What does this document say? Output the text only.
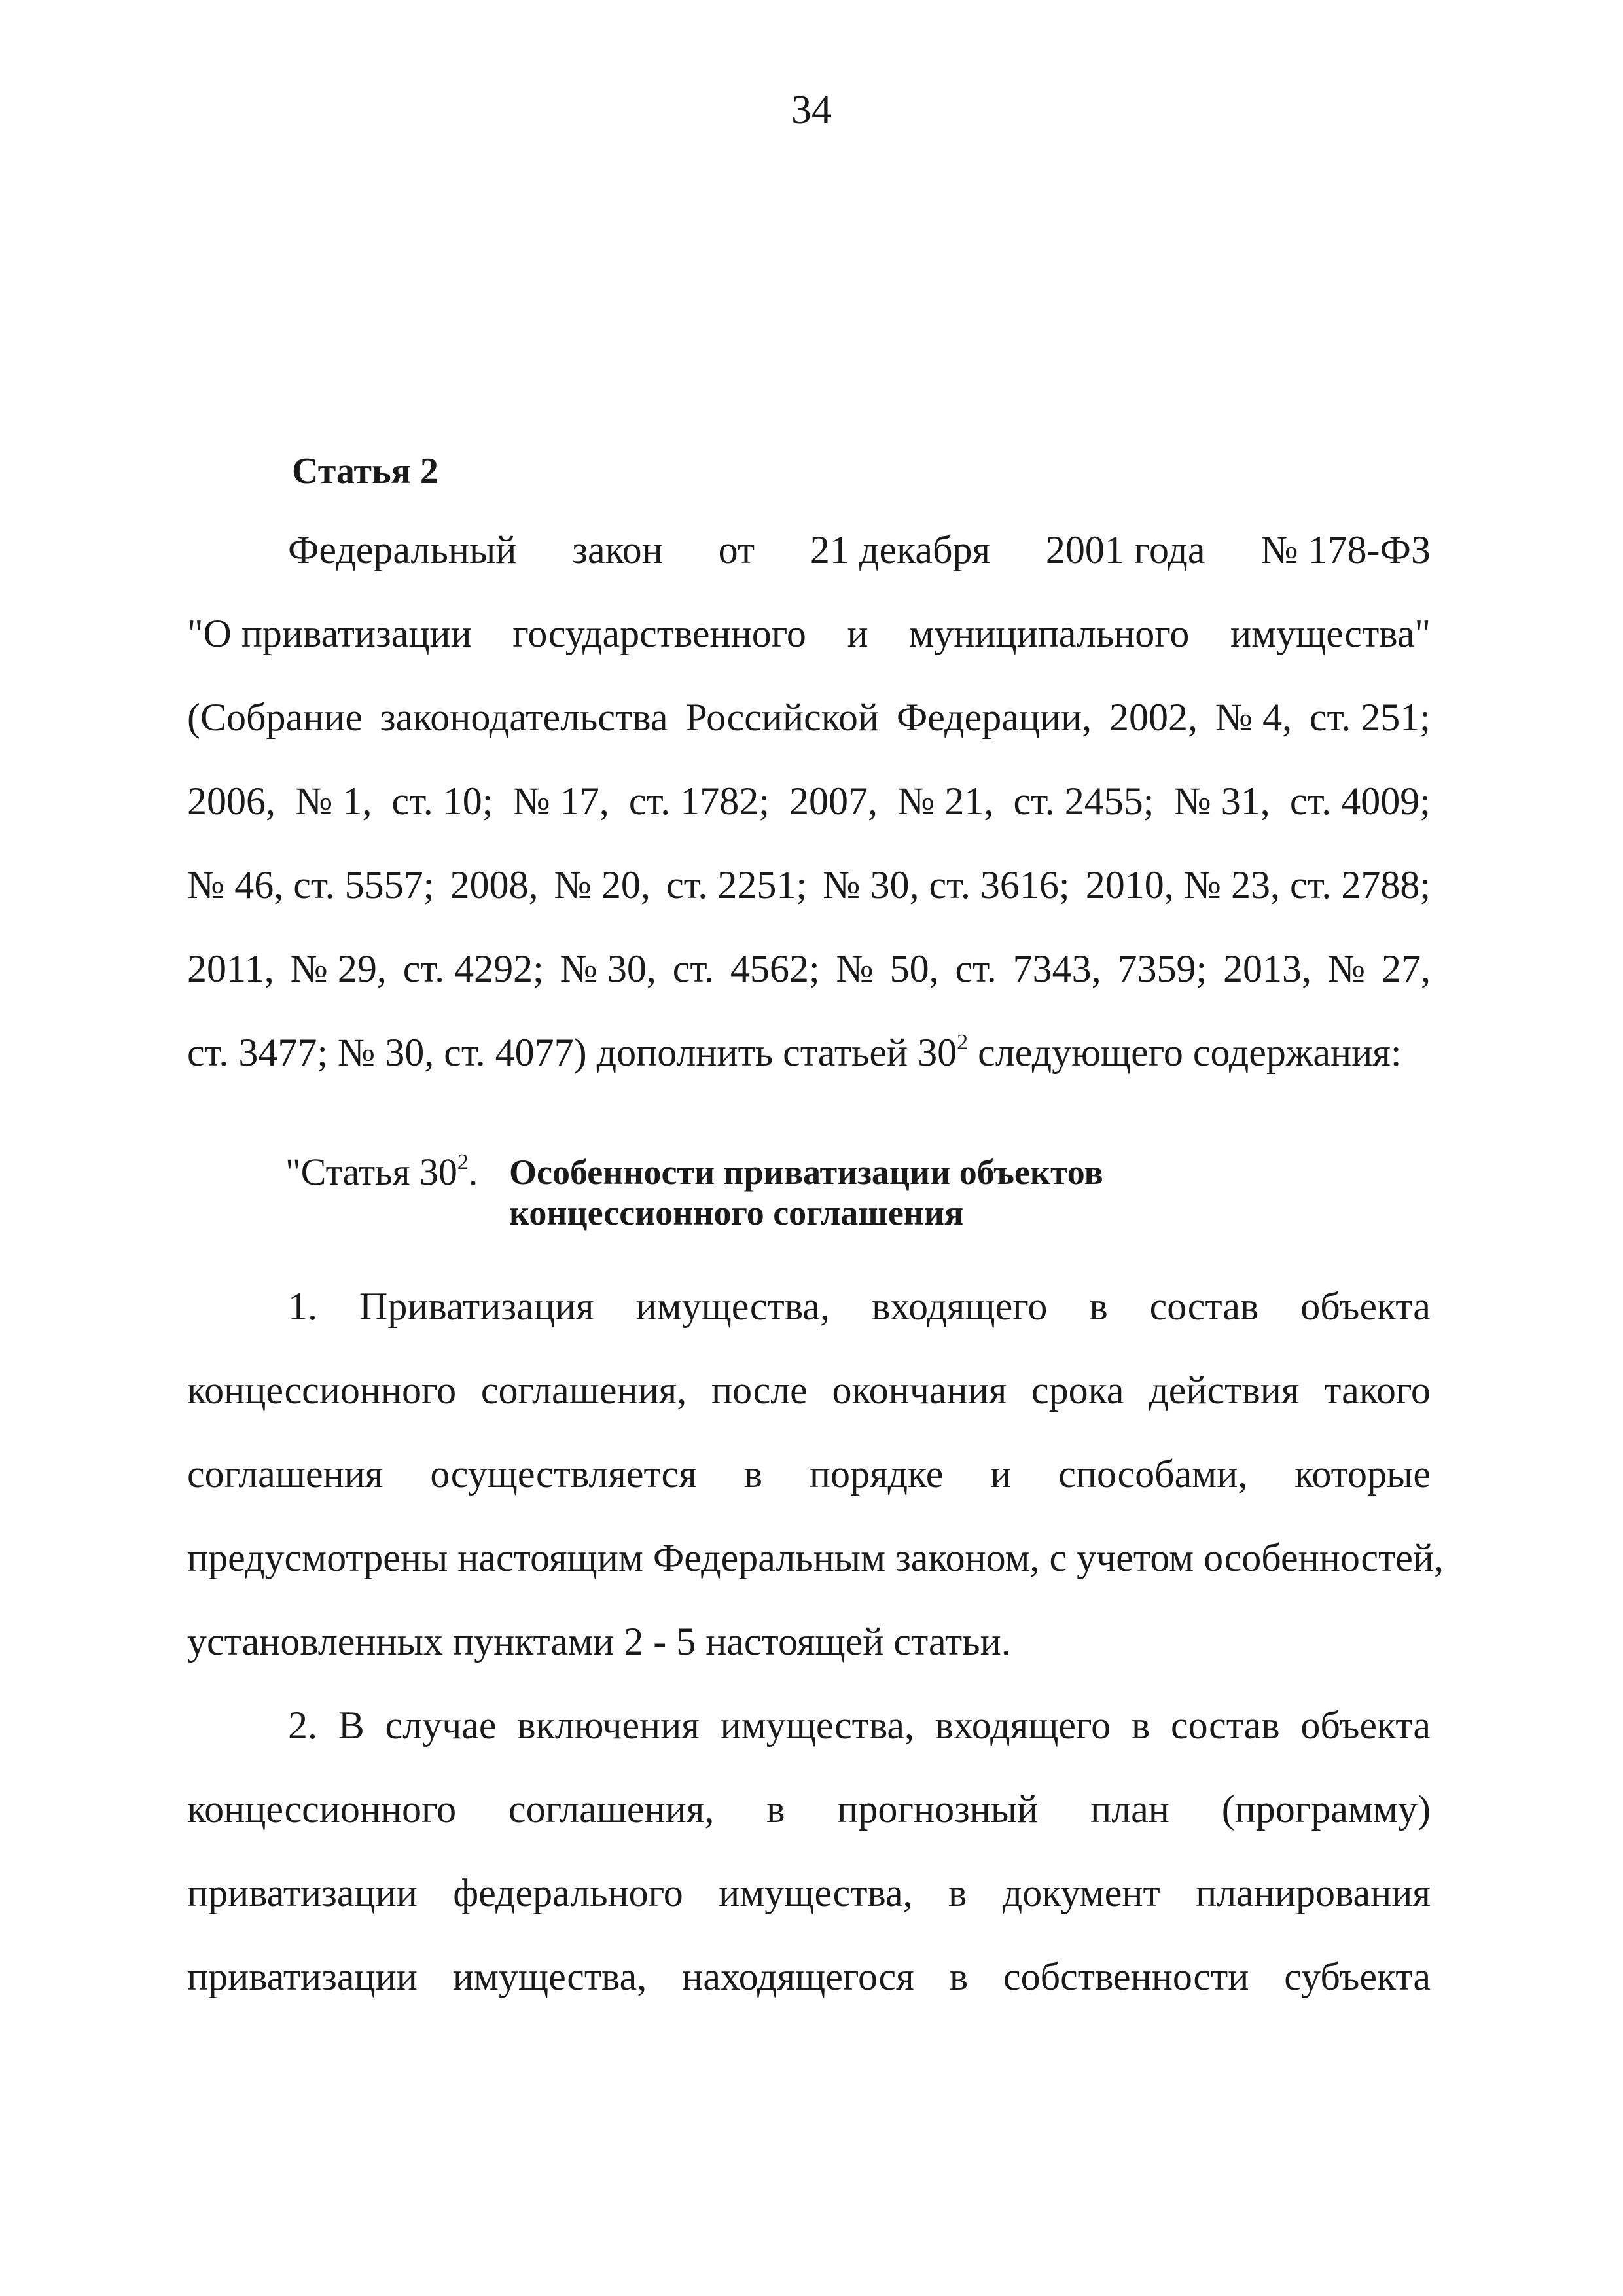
34
Статья 2
Федеральный закон от 21 декабря 2001 года № 178-ФЗ
"О приватизации государственного и муниципального имущества"
(Собрание законодательства Российской Федерации, 2002, № 4, ст. 251;
2006, № 1, ст. 10; № 17, ст. 1782; 2007, № 21, ст. 2455; № 31, ст. 4009;
№ 46, ст. 5557; 2008, № 20, ст. 2251; № 30, ст. 3616; 2010, № 23, ст. 2788;
2011, № 29, ст. 4292; № 30, ст. 4562; № 50, ст. 7343, 7359; 2013, № 27,
ст. 3477; № 30, ст. 4077) дополнить статьей $30^2$ следующего содержания:
"Статья $30^2$. Особенности приватизации объектов
концессионного соглашения
1. Приватизация имущества, входящего в состав объекта
концессионного соглашения, после окончания срока действия такого
соглашения осуществляется в порядке и способами, которые
предусмотрены настоящим Федеральным законом, с учетом особенностей,
установленных пунктами 2 - 5 настоящей статьи.
2. В случае включения имущества, входящего в состав объекта
концессионного соглашения, в прогнозный план (программу)
приватизации федерального имущества, в документ планирования
приватизации имущества, находящегося в собственности субъекта
